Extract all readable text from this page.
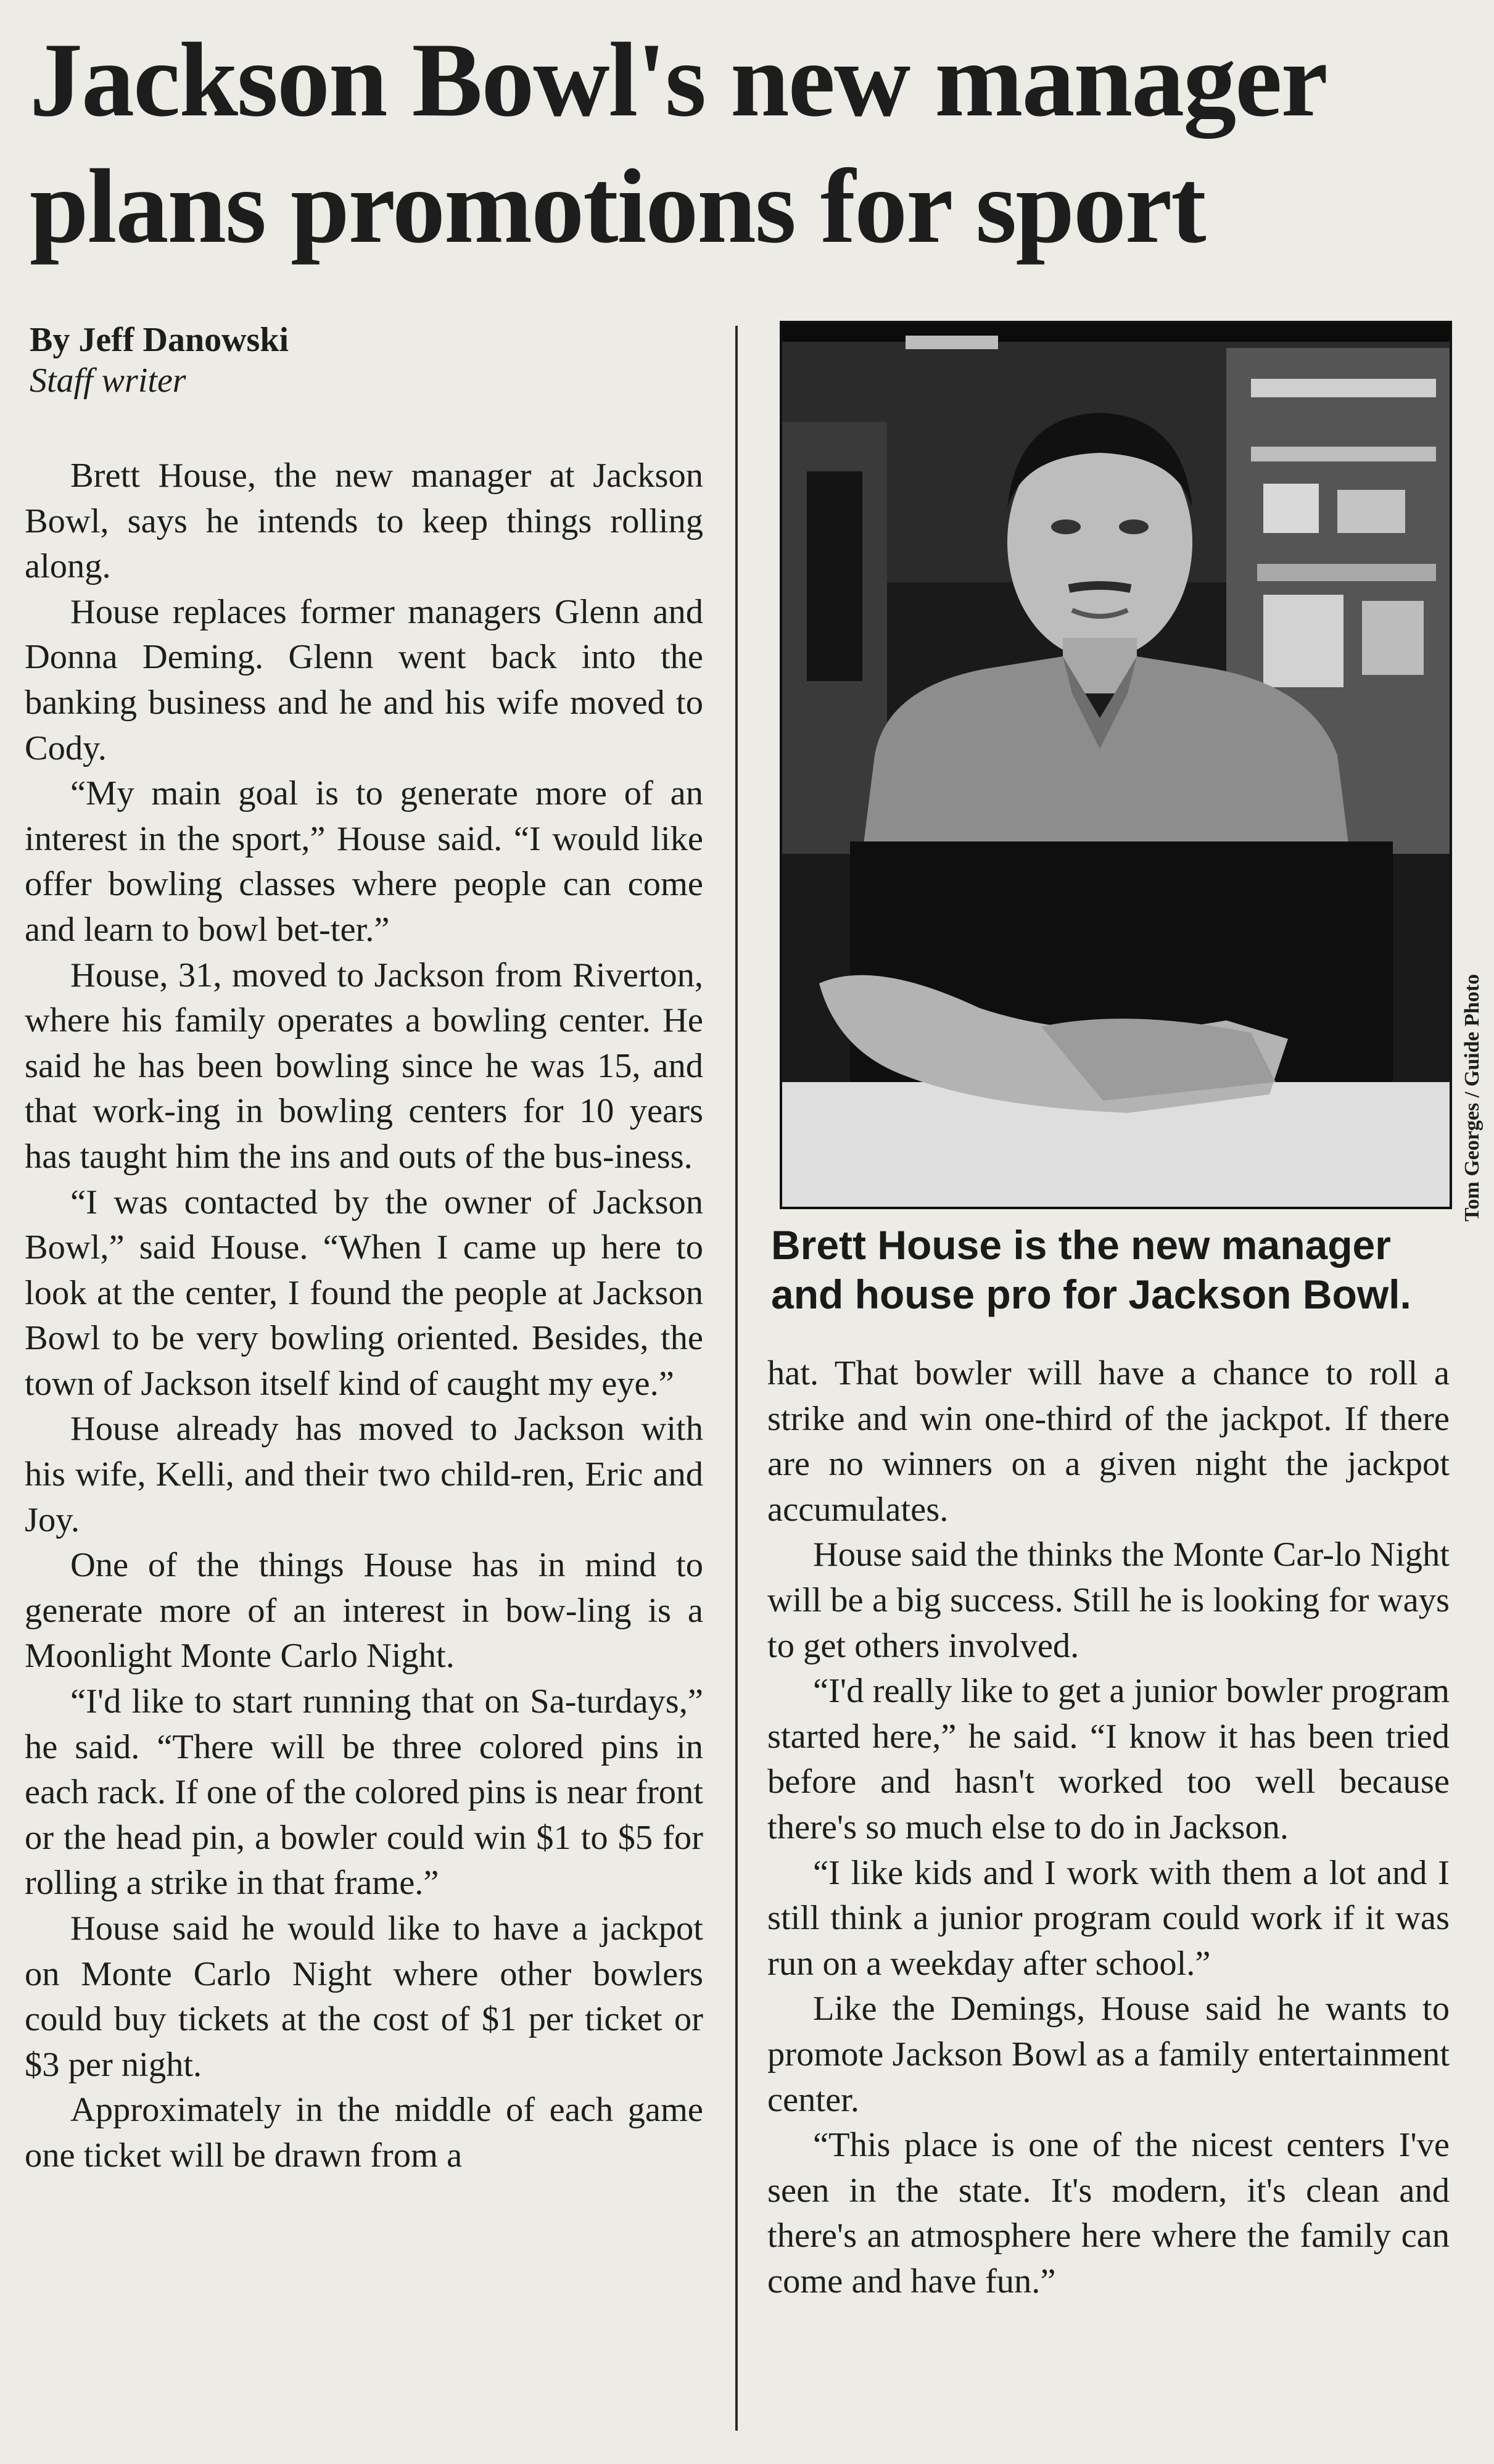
Jackson Bowl's new manager plans promotions for sport
By Jeff Danowski
Staff writer

Brett House, the new manager at Jackson Bowl, says he intends to keep things rolling along.

House replaces former managers Glenn and Donna Deming. Glenn went back into the banking business and he and his wife moved to Cody.

“My main goal is to generate more of an interest in the sport,” House said. “I would like offer bowling classes where people can come and learn to bowl bet-ter.”

House, 31, moved to Jackson from Riverton, where his family operates a bowling center. He said he has been bowling since he was 15, and that work-ing in bowling centers for 10 years has taught him the ins and outs of the bus-iness.

“I was contacted by the owner of Jackson Bowl,” said House. “When I came up here to look at the center, I found the people at Jackson Bowl to be very bowling oriented. Besides, the town of Jackson itself kind of caught my eye.”

House already has moved to Jackson with his wife, Kelli, and their two child-ren, Eric and Joy.

One of the things House has in mind to generate more of an interest in bow-ling is a Moonlight Monte Carlo Night.

“I'd like to start running that on Sa-turdays,” he said. “There will be three colored pins in each rack. If one of the colored pins is near front or the head pin, a bowler could win $1 to $5 for rolling a strike in that frame.”

House said he would like to have a jackpot on Monte Carlo Night where other bowlers could buy tickets at the cost of $1 per ticket or $3 per night.

Approximately in the middle of each game one ticket will be drawn from a

Tom Georges / Guide Photo
Brett House is the new manager and house pro for Jackson Bowl.

hat. That bowler will have a chance to roll a strike and win one-third of the jackpot. If there are no winners on a given night the jackpot accumulates.

House said the thinks the Monte Car-lo Night will be a big success. Still he is looking for ways to get others involved.

“I'd really like to get a junior bowler program started here,” he said. “I know it has been tried before and hasn't worked too well because there's so much else to do in Jackson.

“I like kids and I work with them a lot and I still think a junior program could work if it was run on a weekday after school.”

Like the Demings, House said he wants to promote Jackson Bowl as a family entertainment center.

“This place is one of the nicest centers I've seen in the state. It's modern, it's clean and there's an atmosphere here where the family can come and have fun.”
